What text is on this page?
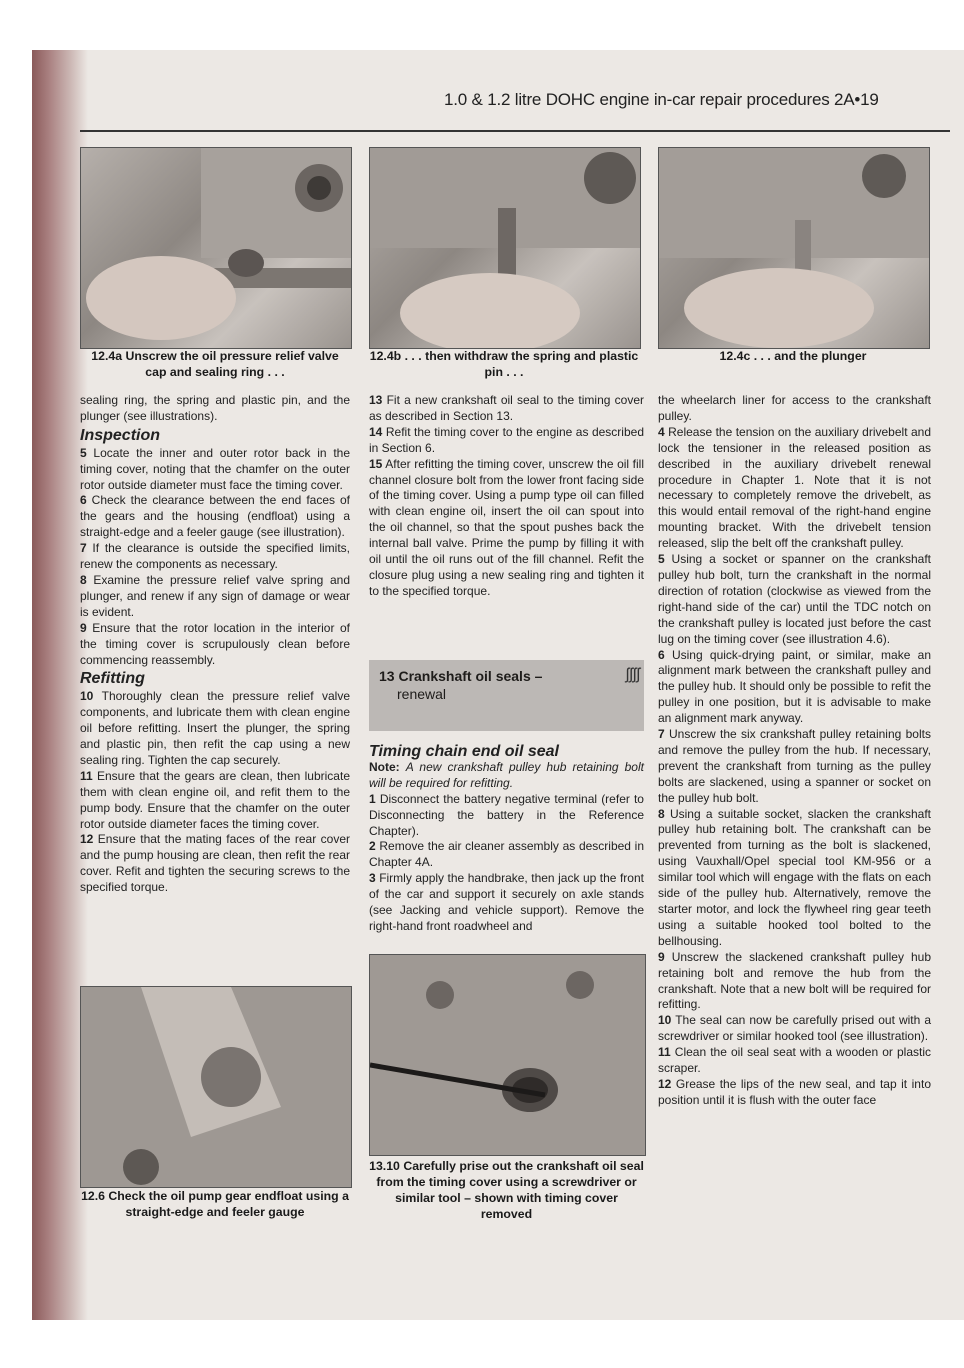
1.0 & 1.2 litre DOHC engine in-car repair procedures 2A•19
12.4a Unscrew the oil pressure relief valve cap and sealing ring . . .
12.4b . . . then withdraw the spring and plastic pin . . .
12.4c . . . and the plunger

sealing ring, the spring and plastic pin, and the plunger (see illustrations).

Inspection

5 Locate the inner and outer rotor back in the timing cover, noting that the chamfer on the outer rotor outside diameter must face the timing cover.

6 Check the clearance between the end faces of the gears and the housing (endfloat) using a straight-edge and a feeler gauge (see illustration).

7 If the clearance is outside the specified limits, renew the components as necessary.

8 Examine the pressure relief valve spring and plunger, and renew if any sign of damage or wear is evident.

9 Ensure that the rotor location in the interior of the timing cover is scrupulously clean before commencing reassembly.

Refitting

10 Thoroughly clean the pressure relief valve components, and lubricate them with clean engine oil before refitting. Insert the plunger, the spring and plastic pin, then refit the cap using a new sealing ring. Tighten the cap securely.

11 Ensure that the gears are clean, then lubricate them with clean engine oil, and refit them to the pump body. Ensure that the chamfer on the outer rotor outside diameter faces the timing cover.

12 Ensure that the mating faces of the rear cover and the pump housing are clean, then refit the rear cover. Refit and tighten the securing screws to the specified torque.

12.6 Check the oil pump gear endfloat using a straight-edge and feeler gauge

13 Fit a new crankshaft oil seal to the timing cover as described in Section 13.

14 Refit the timing cover to the engine as described in Section 6.

15 After refitting the timing cover, unscrew the oil fill channel closure bolt from the lower front facing side of the timing cover. Using a pump type oil can filled with clean engine oil, insert the oil can spout into the oil channel, so that the spout pushes back the internal ball valve. Prime the pump by filling it with oil until the oil runs out of the fill channel. Refit the closure plug using a new sealing ring and tighten it to the specified torque.

13 Crankshaft oil seals –
renewal
ʃʃʃʃ
Timing chain end oil seal

Note: A new crankshaft pulley hub retaining bolt will be required for refitting.

1 Disconnect the battery negative terminal (refer to Disconnecting the battery in the Reference Chapter).

2 Remove the air cleaner assembly as described in Chapter 4A.

3 Firmly apply the handbrake, then jack up the front of the car and support it securely on axle stands (see Jacking and vehicle support). Remove the right-hand front roadwheel and

13.10 Carefully prise out the crankshaft oil seal from the timing cover using a screwdriver or similar tool – shown with timing cover removed

the wheelarch liner for access to the crankshaft pulley.

4 Release the tension on the auxiliary drivebelt and lock the tensioner in the released position as described in the auxiliary drivebelt renewal procedure in Chapter 1. Note that it is not necessary to completely remove the drivebelt, as this would entail removal of the right-hand engine mounting bracket. With the drivebelt tension released, slip the belt off the crankshaft pulley.

5 Using a socket or spanner on the crankshaft pulley hub bolt, turn the crankshaft in the normal direction of rotation (clockwise as viewed from the right-hand side of the car) until the TDC notch on the crankshaft pulley is located just before the cast lug on the timing cover (see illustration 4.6).

6 Using quick-drying paint, or similar, make an alignment mark between the crankshaft pulley and the pulley hub. It should only be possible to refit the pulley in one position, but it is advisable to make an alignment mark anyway.

7 Unscrew the six crankshaft pulley retaining bolts and remove the pulley from the hub. If necessary, prevent the crankshaft from turning as the pulley bolts are slackened, using a spanner or socket on the pulley hub bolt.

8 Using a suitable socket, slacken the crankshaft pulley hub retaining bolt. The crankshaft can be prevented from turning as the bolt is slackened, using Vauxhall/Opel special tool KM-956 or a similar tool which will engage with the flats on each side of the pulley hub. Alternatively, remove the starter motor, and lock the flywheel ring gear teeth using a suitable hooked tool bolted to the bellhousing.

9 Unscrew the slackened crankshaft pulley hub retaining bolt and remove the hub from the crankshaft. Note that a new bolt will be required for refitting.

10 The seal can now be carefully prised out with a screwdriver or similar hooked tool (see illustration).

11 Clean the oil seal seat with a wooden or plastic scraper.

12 Grease the lips of the new seal, and tap it into position until it is flush with the outer face
